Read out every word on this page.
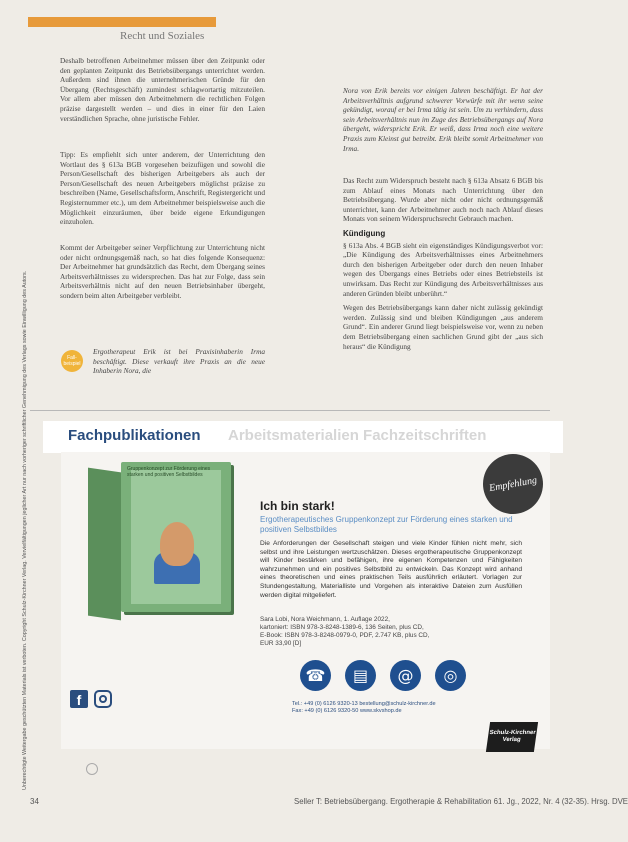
Recht und Soziales
Unberechtigte Weitergabe geschützten Materials ist verboten. Copyright Schulz-Kirchner Verlag. Vervielfältigungen jeglicher Art nur nach vorheriger schriftlicher Genehmigung des Verlags sowie Einwilligung des Autors.

Deshalb betroffenen Arbeitnehmer müssen über den Zeitpunkt oder den geplanten Zeitpunkt des Betriebsübergangs unterrichtet werden. Außerdem sind ihnen die unternehmerischen Gründe für den Übergang (Rechtsgeschäft) zumindest schlagwortartig mitzuteilen. Vor allem aber müssen den Arbeitnehmern die rechtlichen Folgen präzise dargestellt werden – und dies in einer für den Laien verständlichen Sprache, ohne juristische Fehler.

Tipp: Es empfiehlt sich unter anderem, der Unterrichtung den Wortlaut des § 613a BGB vorgesehen beizufügen und sowohl die Person/Gesellschaft des bisherigen Arbeitgebers als auch der Person/Gesellschaft des neuen Arbeitgebers möglichst präzise zu beschreiben (Name, Gesellschaftsform, Anschrift, Registergericht und Registernummer etc.), um dem Arbeitnehmer beispielsweise auch die Möglichkeit einzuräumen, über beide eigene Erkundigungen einzuholen.

Kommt der Arbeitgeber seiner Verpflichtung zur Unterrichtung nicht oder nicht ordnungsgemäß nach, so hat dies folgende Konsequenz: Der Arbeitnehmer hat grundsätzlich das Recht, dem Übergang seines Arbeitsverhältnisses zu widersprechen. Das hat zur Folge, dass sein Arbeitsverhältnis nicht auf den neuen Betriebsinhaber übergeht, sondern beim alten Arbeitgeber verbleibt.

Fall-beispiel
Ergotherapeut Erik ist bei Praxisinhaberin Irma beschäftigt. Diese verkauft ihre Praxis an die neue Inhaberin Nora, die
Nora von Erik bereits vor einigen Jahren beschäftigt. Er hat der Arbeitsverhältnis aufgrund schwerer Vorwürfe mit ihr wenn seine gekündigt, worauf er bei Irma tätig ist sein. Um zu verhindern, dass sein Arbeitsverhältnis nun im Zuge des Betriebsübergangs auf Nora übergeht, widerspricht Erik. Er weiß, dass Irma noch eine weitere Praxis zum Kleinst gut betreibt. Erik bleibt somit Arbeitnehmer von Irma.

Das Recht zum Widerspruch besteht nach § 613a Absatz 6 BGB bis zum Ablauf eines Monats nach Unterrichtung über den Betriebsübergang. Wurde aber nicht oder nicht ordnungsgemäß unterrichtet, kann der Arbeitnehmer auch noch nach Ablauf dieses Monats von seinem Widerspruchsrecht Gebrauch machen.

Kündigung

§ 613a Abs. 4 BGB sieht ein eigenständiges Kündigungsverbot vor: „Die Kündigung des Arbeitsverhältnisses eines Arbeitnehmers durch den bisherigen Arbeitgeber oder durch den neuen Inhaber wegen des Übergangs eines Betriebs oder eines Betriebsteils ist unwirksam. Das Recht zur Kündigung des Arbeitsverhältnisses aus anderen Gründen bleibt unberührt.“

Wegen des Betriebsübergangs kann daher nicht zulässig gekündigt werden. Zulässig sind und bleiben Kündigungen „aus anderem Grund“. Ein anderer Grund liegt beispielsweise vor, wenn zu neben dem Betriebsübergang einen sachlichen Grund gibt der „aus sich heraus“ die Kündigung

Fachpublikationen Arbeitsmaterialien Fachzeitschriften
Gruppenkonzept zur Förderung eines starken und positiven Selbstbildes	Empfehlung
Ich bin stark!
Ergotherapeutisches Gruppenkonzept zur Förderung eines starken und positiven Selbstbildes
Die Anforderungen der Gesellschaft steigen und viele Kinder fühlen nicht mehr, sich selbst und ihre Leistungen wertzuschätzen. Dieses ergotherapeutische Gruppenkonzept will Kinder bestärken und befähigen, ihre eigenen Kompetenzen und Fähigkeiten wahrzunehmen und ein positives Selbstbild zu entwickeln. Das Konzept wird anhand eines theoretischen und eines praktischen Teils ausführlich erläutert. Vorlagen zur Stundengestaltung, Materialliste und Vorgehen als interaktive Dateien zum Ausfüllen werden digital mitgeliefert.
Sara Lobi, Nora Weichmann, 1. Auflage 2022,
kartoniert: ISBN 978-3-8248-1389-6, 136 Seiten, plus CD,
E-Book: ISBN 978-3-8248-0979-0, PDF, 2.747 KB, plus CD,
EUR 33,90 [D]
☎	▤	@	◎
Tel.: +49 (0) 6126 9320-13 bestellung@schulz-kirchner.de
Fax: +49 (0) 6126 9320-50 www.skvshop.de
f
Schulz-Kirchner Verlag
34	Seller T: Betriebsübergang. Ergotherapie & Rehabilitation 61. Jg., 2022, Nr. 4 (32-35). Hrsg. DVE
